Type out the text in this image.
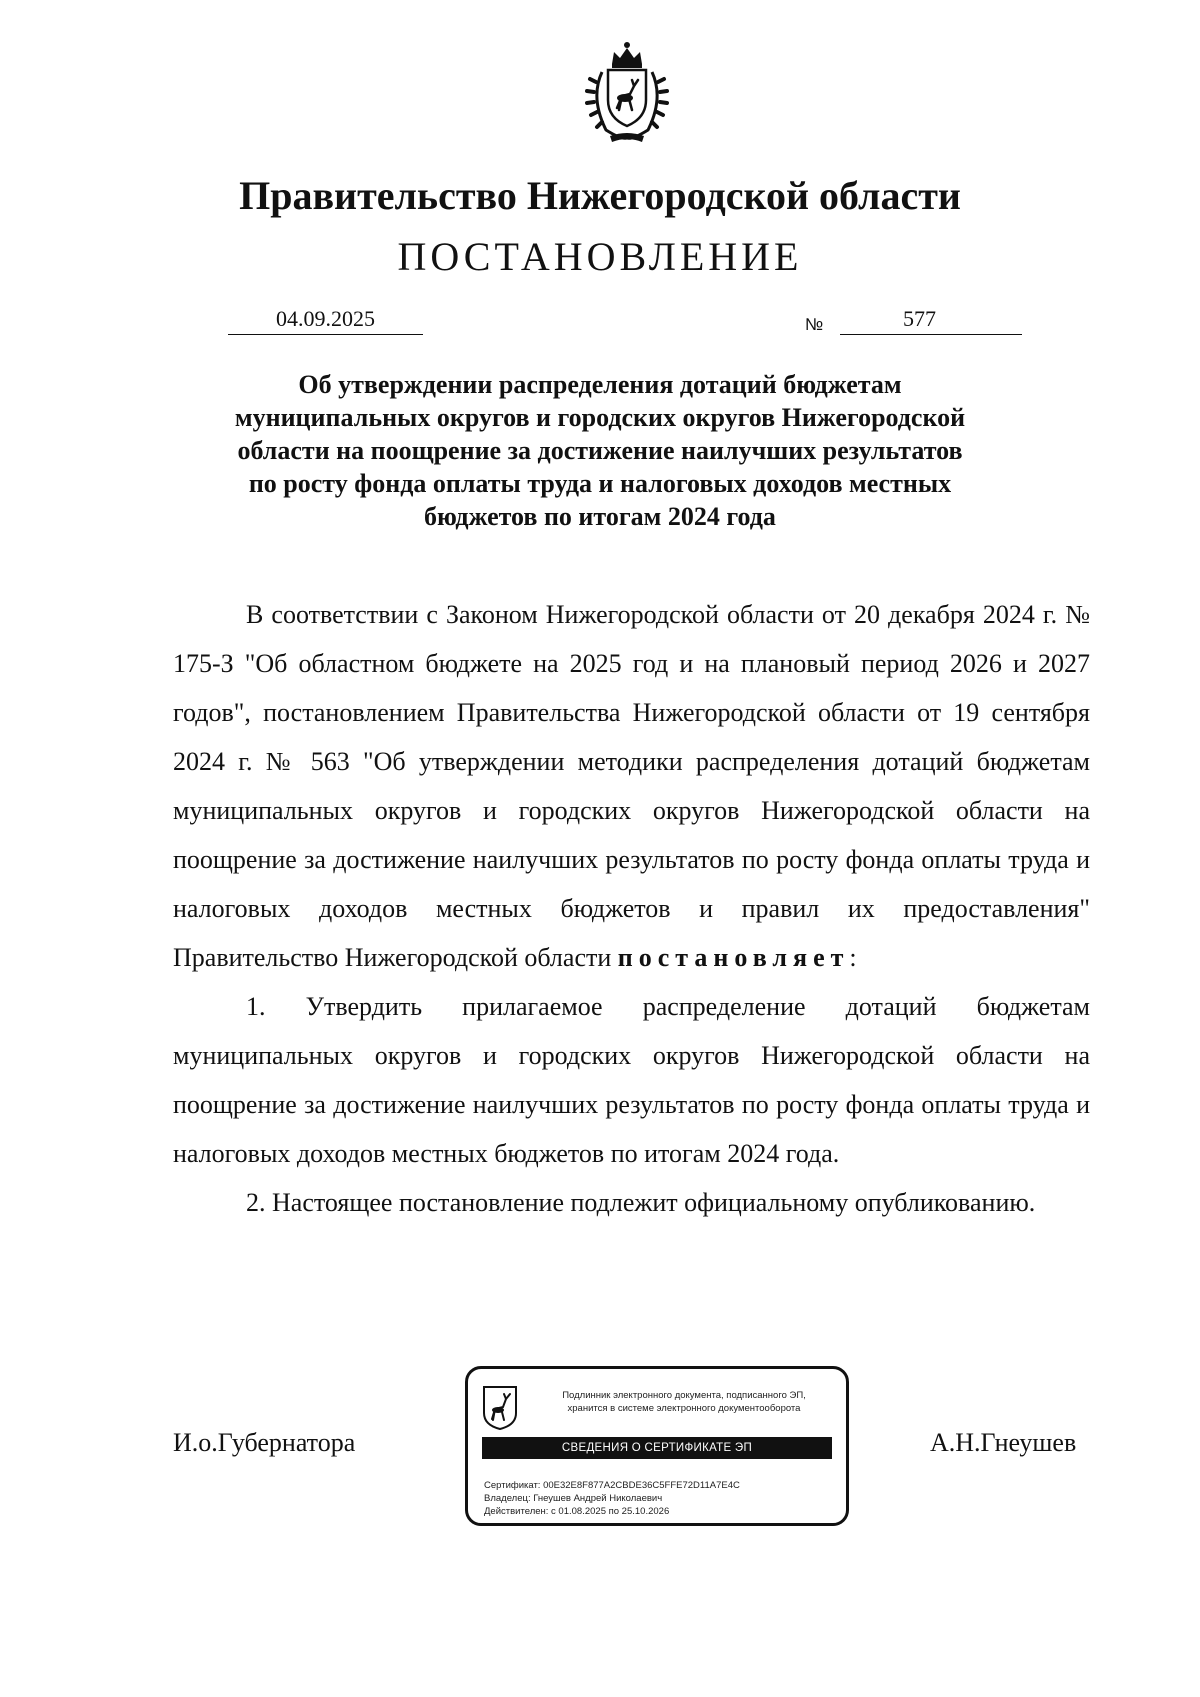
Правительство Нижегородской области
ПОСТАНОВЛЕНИЕ
04.09.2025	№	577
Об утверждении распределения дотаций бюджетам
муниципальных округов и городских округов Нижегородской
области на поощрение за достижение наилучших результатов
по росту фонда оплаты труда и налоговых доходов местных
бюджетов по итогам 2024 года

В соответствии с Законом Нижегородской области от 20 декабря 2024 г. № 175-З "Об областном бюджете на 2025 год и на плановый период 2026 и 2027 годов", постановлением Правительства Нижегородской области от 19 сентября 2024 г. № 563 "Об утверждении методики распределения дотаций бюджетам муниципальных округов и городских округов Нижегородской области на поощрение за достижение наилучших результатов по росту фонда оплаты труда и налоговых доходов местных бюджетов и правил их предоставления" Правительство Нижегородской области постановляет:

1. Утвердить прилагаемое распределение дотаций бюджетам муниципальных округов и городских округов Нижегородской области на поощрение за достижение наилучших результатов по росту фонда оплаты труда и налоговых доходов местных бюджетов по итогам 2024 года.

2. Настоящее постановление подлежит официальному опубликованию.

И.о.Губернатора	А.Н.Гнеушев
Подлинник электронного документа, подписанного ЭП,
хранится в системе электронного документооборота
СВЕДЕНИЯ О СЕРТИФИКАТЕ ЭП
Сертификат: 00E32E8F877A2CBDE36C5FFE72D11A7E4C
Владелец: Гнеушев Андрей Николаевич
Действителен: с 01.08.2025 по 25.10.2026
